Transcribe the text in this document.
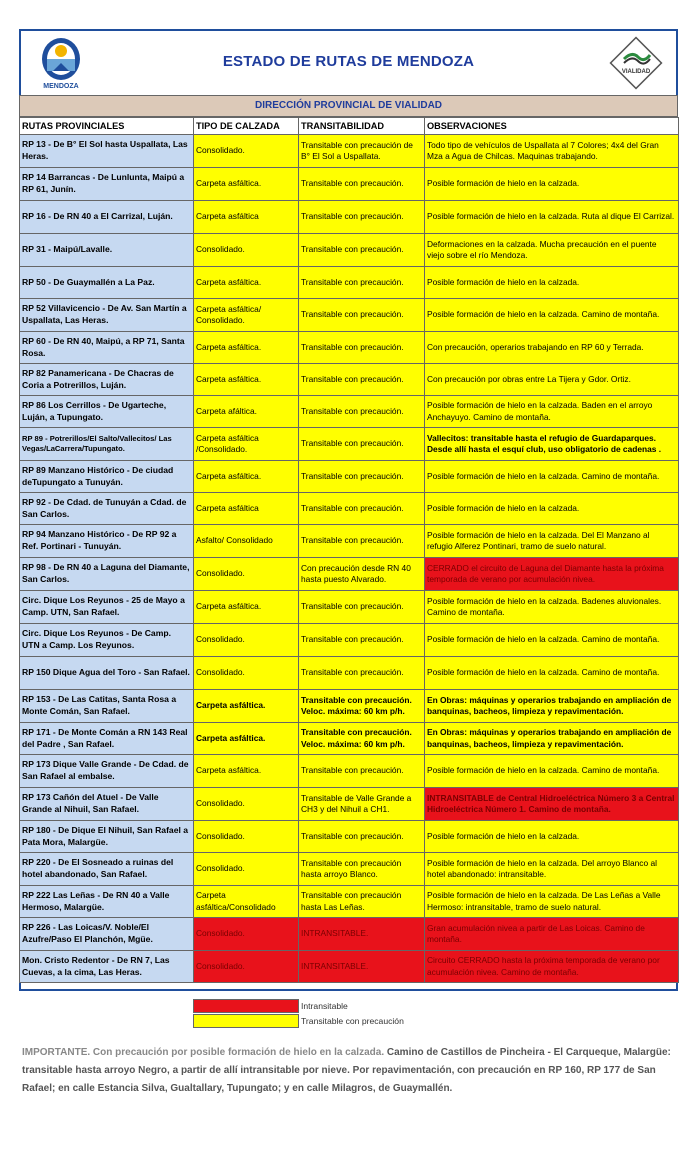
MENDOZA
ESTADO DE RUTAS DE MENDOZA
VIALIDAD
DIRECCIÓN PROVINCIAL DE VIALIDAD
RUTAS PROVINCIALES	TIPO DE CALZADA	TRANSITABILIDAD	OBSERVACIONES
RP 13 - De B° El Sol hasta Uspallata, Las Heras.	Consolidado.	Transitable con precaución de B° El Sol a Uspallata.	Todo tipo de vehículos de Uspallata al 7 Colores; 4x4 del Gran Mza a Agua de Chilcas. Maquinas trabajando.
RP 14 Barrancas - De Lunlunta, Maipú a RP 61, Junín.	Carpeta asfáltica.	Transitable con precaución.	Posible formación de hielo en la calzada.
RP 16 - De RN 40 a El Carrizal, Luján.	Carpeta asfáltica	Transitable con precaución.	Posible formación de hielo en la calzada. Ruta al dique El Carrizal.
RP 31 - Maipú/Lavalle.	Consolidado.	Transitable con precaución.	Deformaciones en la calzada. Mucha precaución en el puente viejo sobre el río Mendoza.
RP 50 - De Guaymallén a La Paz.	Carpeta asfáltica.	Transitable con precaución.	Posible formación de hielo en la calzada.
RP 52 Villavicencio - De Av. San Martín a Uspallata, Las Heras.	Carpeta asfáltica/ Consolidado.	Transitable con precaución.	Posible formación de hielo en la calzada. Camino de montaña.
RP 60 - De RN 40, Maipú, a RP 71, Santa Rosa.	Carpeta asfáltica.	Transitable con precaución.	Con precaución, operarios trabajando en RP 60 y Terrada.
RP 82 Panamericana - De Chacras de Coria a Potrerillos, Luján.	Carpeta asfáltica.	Transitable con precaución.	Con precaución por obras entre La Tijera y Gdor. Ortiz.
RP 86 Los Cerrillos - De Ugarteche, Luján, a Tupungato.	Carpeta afáltica.	Transitable con precaución.	Posible formación de hielo en la calzada. Baden en el arroyo Anchayuyo. Camino de montaña.
RP 89 - Potrerillos/El Salto/Vallecitos/ Las Vegas/LaCarrera/Tupungato.	Carpeta asfáltica /Consolidado.	Transitable con precaución.	Vallecitos: transitable hasta el refugio de Guardaparques. Desde allí hasta el esquí club, uso obligatorio de cadenas .
RP 89 Manzano Histórico - De ciudad deTupungato a Tunuyán.	Carpeta asfáltica.	Transitable con precaución.	Posible formación de hielo en la calzada. Camino de montaña.
RP 92 - De Cdad. de Tunuyán a Cdad. de San Carlos.	Carpeta asfáltica	Transitable con precaución.	Posible formación de hielo en la calzada.
RP 94 Manzano Histórico - De RP 92 a Ref. Portinari - Tunuyán.	Asfalto/ Consolidado	Transitable con precaución.	Posible formación de hielo en la calzada. Del El Manzano al refugio Alferez Pontinari, tramo de suelo natural.
RP 98 - De RN 40 a Laguna del Diamante, San Carlos.	Consolidado.	Con precaución desde RN 40 hasta puesto Alvarado.	CERRADO el circuito de Laguna del Diamante hasta la próxima temporada de verano por acumulación nivea.
Circ. Dique Los Reyunos - 25 de Mayo a Camp. UTN, San Rafael.	Carpeta asfáltica.	Transitable con precaución.	Posible formación de hielo en la calzada. Badenes aluvionales. Camino de montaña.
Circ. Dique Los Reyunos - De Camp. UTN a Camp. Los Reyunos.	Consolidado.	Transitable con precaución.	Posible formación de hielo en la calzada. Camino de montaña.
RP 150 Dique Agua del Toro - San Rafael.	Consolidado.	Transitable con precaución.	Posible formación de hielo en la calzada. Camino de montaña.
RP 153 - De Las Catitas, Santa Rosa a Monte Comán, San Rafael.	Carpeta asfáltica.	Transitable con precaución. Veloc. máxima: 60 km p/h.	En Obras: máquinas y operarios trabajando en ampliación de banquinas, bacheos, limpieza y repavimentación.
RP 171 - De Monte Comán a RN 143 Real del Padre , San Rafael.	Carpeta asfáltica.	Transitable con precaución. Veloc. máxima: 60 km p/h.	En Obras: máquinas y operarios trabajando en ampliación de banquinas, bacheos, limpieza y repavimentación.
RP 173 Dique Valle Grande - De Cdad. de San Rafael al embalse.	Carpeta asfáltica.	Transitable con precaución.	Posible formación de hielo en la calzada. Camino de montaña.
RP 173 Cañón del Atuel - De Valle Grande al Nihuil, San Rafael.	Consolidado.	Transitable de Valle Grande a CH3 y del Nihuil a CH1.	INTRANSITABLE de Central Hidroeléctrica Número 3 a Central Hidroeléctrica Número 1. Camino de montaña.
RP 180 - De Dique El Nihuil, San Rafael a Pata Mora, Malargüe.	Consolidado.	Transitable con precaución.	Posible formación de hielo en la calzada.
RP 220 - De El Sosneado a ruinas del hotel abandonado, San Rafael.	Consolidado.	Transitable con precaución hasta arroyo Blanco.	Posible formación de hielo en la calzada. Del arroyo Blanco al hotel abandonado: intransitable.
RP 222 Las Leñas - De RN 40 a Valle Hermoso, Malargüe.	Carpeta asfáltica/Consolidado	Transitable con precaución hasta Las Leñas.	Posible formación de hielo en la calzada. De Las Leñas a Valle Hermoso: intransitable, tramo de suelo natural.
RP 226 - Las Loicas/V. Noble/El Azufre/Paso El Planchón, Mgüe.	Consolidado.	INTRANSITABLE.	Gran acumulación nivea a partir de Las Loicas. Camino de montaña.
Mon. Cristo Redentor - De RN 7, Las Cuevas, a la cima, Las Heras.	Consolidado.	INTRANSITABLE.	Circuito CERRADO hasta la próxima temporada de verano por acumulación nivea. Camino de montaña.
Intransitable
Transitable con precaución
IMPORTANTE. Con precaución por posible formación de hielo en la calzada. Camino de Castillos de Pincheira - El Carqueque, Malargüe: transitable hasta arroyo Negro, a partir de allí intransitable por nieve. Por repavimentación, con precaución en RP 160, RP 177 de San Rafael; en calle Estancia Silva, Gualtallary, Tupungato; y en calle Milagros, de Guaymallén.
